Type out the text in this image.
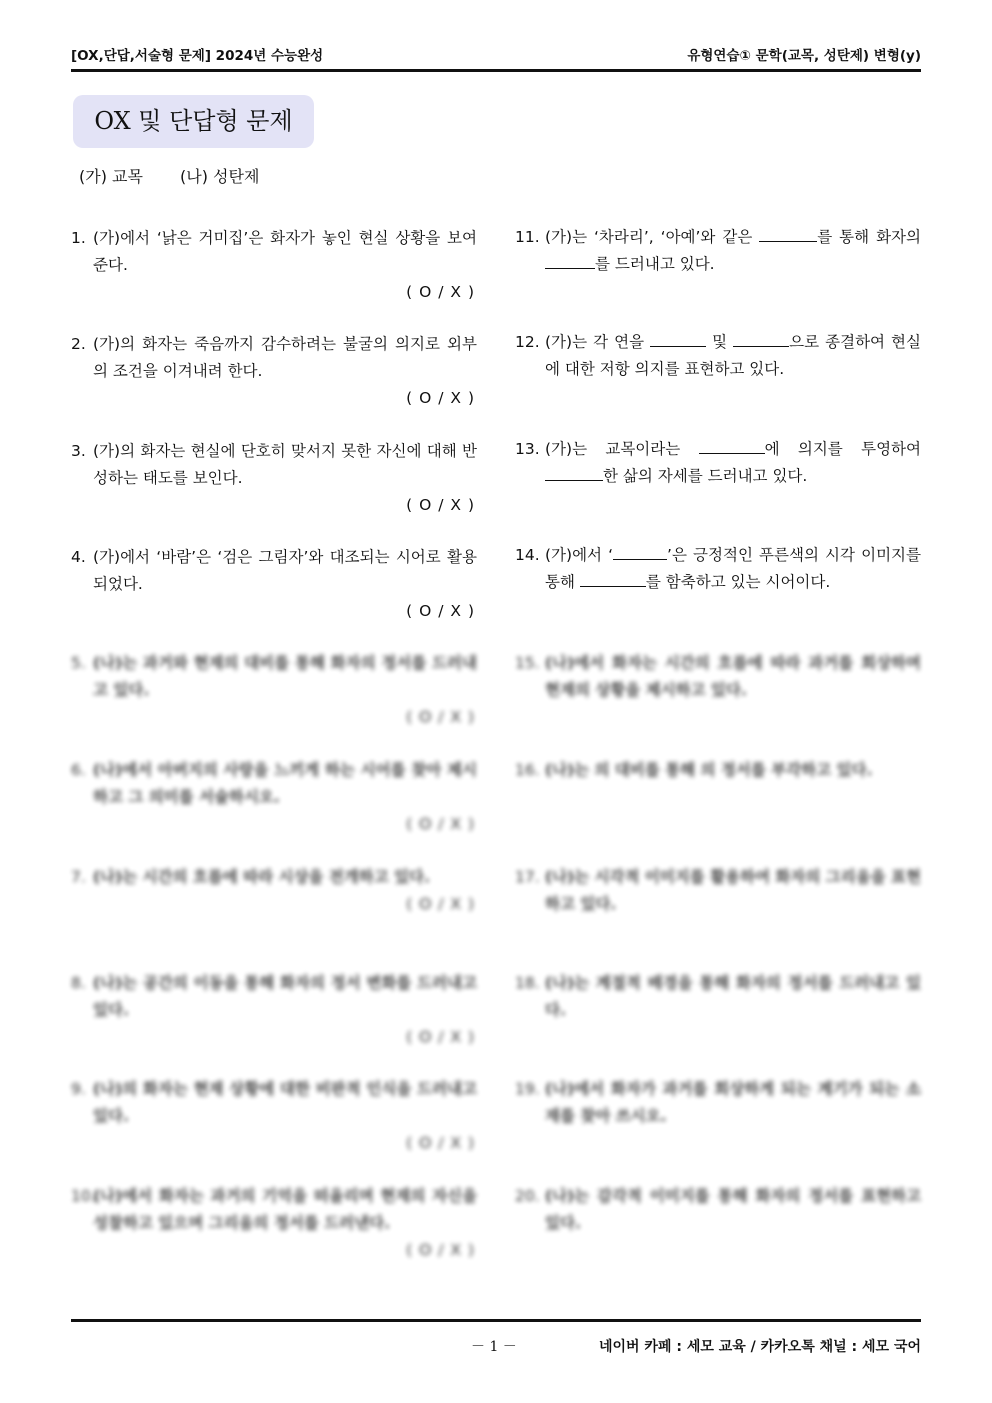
[OX,단답,서술형 문제] 2024년 수능완성	유형연습① 문학(교목, 성탄제) 변형(y)
OX 및 단답형 문제
(가) 교목 (나) 성탄제
1. (가)에서 ‘낡은 거미집’은 화자가 놓인 현실 상황을 보여준다.
( O / X )
2. (가)의 화자는 죽음까지 감수하려는 불굴의 의지로 외부의 조건을 이겨내려 한다.
( O / X )
3. (가)의 화자는 현실에 단호히 맞서지 못한 자신에 대해 반성하는 태도를 보인다.
( O / X )
4. (가)에서 ‘바람’은 ‘검은 그림자’와 대조되는 시어로 활용되었다.
( O / X )
11. (가)는 ‘차라리’, ‘아예’와 같은	를 통해 화자의 를 드러내고 있다.
12. (가)는 각 연을	및	으로 종결하여 현실에 대한 저항 의지를 표현하고 있다.
13. (가)는 교목이라는	에 의지를 투영하여 한 삶의 자세를 드러내고 있다.
14. (가)에서 ‘	’은 긍정적인 푸른색의 시각 이미지를 통해	를 함축하고 있는 시어이다.
5. (나)는 과거와 현재의 대비를 통해 화자의 정서를 드러내고 있다.
( O / X )
6. (나)에서 아버지의 사랑을 느끼게 하는 시어를 찾아 제시하고 그 의미를 서술하시오.
( O / X )
7. (나)는 시간의 흐름에 따라 시상을 전개하고 있다.
( O / X )
8. (나)는 공간의 이동을 통해 화자의 정서 변화를 드러내고 있다.
( O / X )
9. (나)의 화자는 현재 상황에 대한 비판적 인식을 드러내고 있다.
( O / X )
10.
(나)에서 화자는 과거의 기억을 떠올리며 현재의 자신을 성찰하고 있으며 그리움의 정서를 드러낸다.
( O / X )
15. (나)에서 화자는 시간의 흐름에 따라 과거를 회상하며 현재의 상황을 제시하고 있다.
16. (나)는 의 대비를 통해 의 정서를 부각하고 있다.
17. (나)는 시각적 이미지를 활용하여 화자의 그리움을 표현하고 있다.
18. (나)는 계절적 배경을 통해 화자의 정서를 드러내고 있다.
19. (나)에서 화자가 과거를 회상하게 되는 계기가 되는 소재를 찾아 쓰시오.
20. (나)는 감각적 이미지를 통해 화자의 정서를 표현하고 있다.
－ 1 －	네이버 카페 : 세모 교육 / 카카오톡 채널 : 세모 국어
